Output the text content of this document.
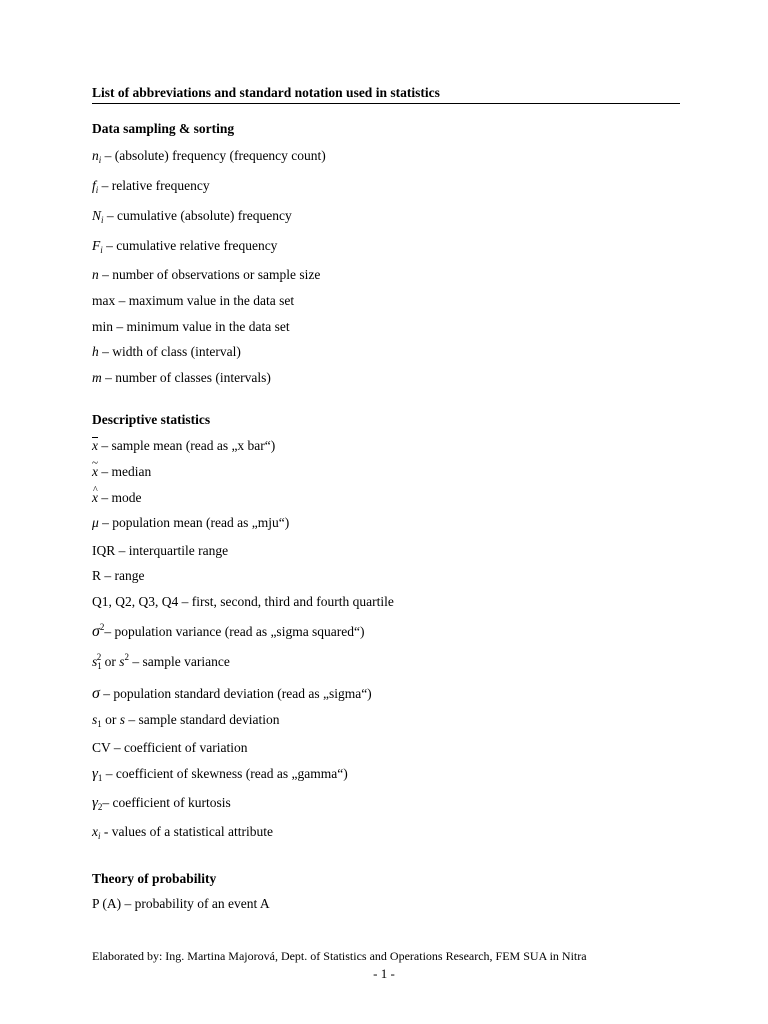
List of abbreviations and standard notation used in statistics
Data sampling & sorting
$n_i$ – (absolute) frequency (frequency count)
$f_i$ – relative frequency
$N_i$ – cumulative (absolute) frequency
$F_i$ – cumulative relative frequency
n – number of observations or sample size
max – maximum value in the data set
min – minimum value in the data set
h – width of class (interval)
m – number of classes (intervals)
Descriptive statistics
$\overline{x}$ – sample mean (read as „x bar“)
~ x – median
^ x – mode
μ – population mean (read as „mju“)
IQR – interquartile range
R – range
Q1, Q2, Q3, Q4 – first, second, third and fourth quartile
$\sigma^2-$ population variance (read as „sigma squared“)
$s_1^2$ or $s^2$ – sample variance
σ – population standard deviation (read as „sigma“)
$s_1$ or s – sample standard deviation
CV – coefficient of variation
$\gamma_1$ – coefficient of skewness (read as „gamma“)
$\gamma_2-$ coefficient of kurtosis
$x_i$ - values of a statistical attribute
Theory of probability
P (A) – probability of an event A
Elaborated by: Ing. Martina Majorová, Dept. of Statistics and Operations Research, FEM SUA in Nitra
- 1 -
